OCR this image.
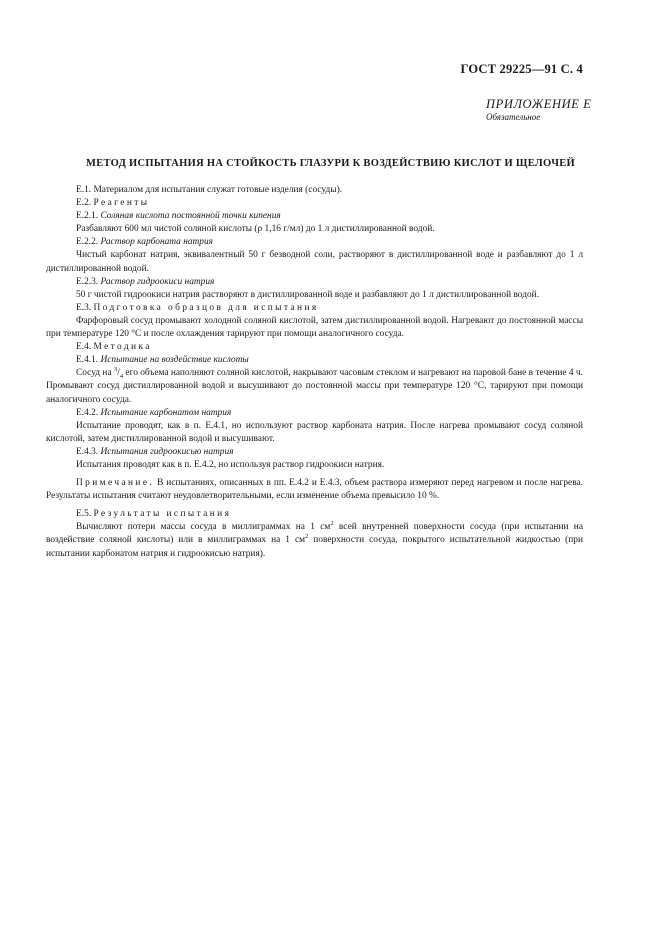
ГОСТ 29225—91 С. 4
ПРИЛОЖЕНИЕ Е
Обязательное
МЕТОД ИСПЫТАНИЯ НА СТОЙКОСТЬ ГЛАЗУРИ К ВОЗДЕЙСТВИЮ КИСЛОТ И ЩЕЛОЧЕЙ

Е.1. Материалом для испытания служат готовые изделия (сосуды).

Е.2. Реагенты

Е.2.1. Соляная кислота постоянной точки кипения

Разбавляют 600 мл чистой соляной кислоты (ρ 1,16 г/мл) до 1 л дистиллированной водой.

Е.2.2. Раствор карбоната натрия

Чистый карбонат натрия, эквивалентный 50 г безводной соли, растворяют в дистиллированной воде и разбавляют до 1 л дистиллированной водой.

Е.2.3. Раствор гидроокиси натрия

50 г чистой гидроокиси натрия растворяют в дистиллированной воде и разбавляют до 1 л дистиллированной водой.

Е.3. Подготовка образцов для испытания

Фарфоровый сосуд промывают холодной соляной кислотой, затем дистиллированной водой. Нагревают до постоянной массы при температуре 120 °С и после охлаждения тарируют при помощи аналогичного сосуда.

Е.4. Методика

Е.4.1. Испытание на воздействие кислоты

Сосуд на $^3/_4$ его объема наполняют соляной кислотой, накрывают часовым стеклом и нагревают на паровой бане в течение 4 ч. Промывают сосуд дистиллированной водой и высушивают до постоянной массы при температуре 120 °С, тарируют при помощи аналогичного сосуда.

Е.4.2. Испытание карбонатом натрия

Испытание проводят, как в п. Е.4.1, но используют раствор карбоната натрия. После нагрева промывают сосуд соляной кислотой, затем дистиллированной водой и высушивают.

Е.4.3. Испытания гидроокисью натрия

Испытания проводят как в п. Е.4.2, но используя раствор гидроокиси натрия.

Примечание. В испытаниях, описанных в пп. Е.4.2 и Е.4.3, объем раствора измеряют перед нагревом и после нагрева. Результаты испытания считают неудовлетворительными, если изменение объема превысило 10 %.

Е.5. Результаты испытания

Вычисляют потери массы сосуда в миллиграммах на 1 $см^2$ всей внутренней поверхности сосуда (при испытании на воздействие соляной кислоты) или в миллиграммах на 1 $см^2$ поверхности сосуда, покрытого испытательной жидкостью (при испытании карбонатом натрия и гидроокисью натрия).
